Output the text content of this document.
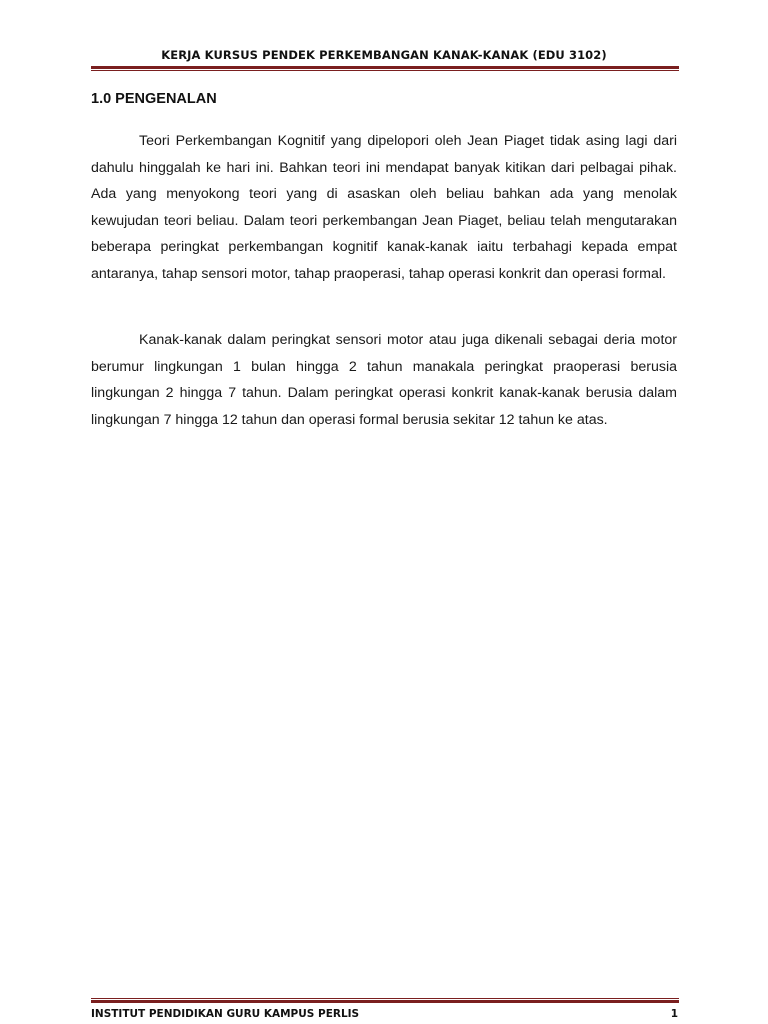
KERJA KURSUS PENDEK PERKEMBANGAN KANAK-KANAK (EDU 3102)
1.0 PENGENALAN

Teori Perkembangan Kognitif yang dipelopori oleh Jean Piaget tidak asing lagi dari dahulu hinggalah ke hari ini. Bahkan teori ini mendapat banyak kitikan dari pelbagai pihak. Ada yang menyokong teori yang di asaskan oleh beliau bahkan ada yang menolak kewujudan teori beliau. Dalam teori perkembangan Jean Piaget, beliau telah mengutarakan beberapa peringkat perkembangan kognitif kanak-kanak iaitu terbahagi kepada empat antaranya, tahap sensori motor, tahap praoperasi, tahap operasi konkrit dan operasi formal.

Kanak-kanak dalam peringkat sensori motor atau juga dikenali sebagai deria motor berumur lingkungan 1 bulan hingga 2 tahun manakala peringkat praoperasi berusia lingkungan 2 hingga 7 tahun. Dalam peringkat operasi konkrit kanak-kanak berusia dalam lingkungan 7 hingga 12 tahun dan operasi formal berusia sekitar 12 tahun ke atas.

INSTITUT PENDIDIKAN GURU KAMPUS PERLIS	1
